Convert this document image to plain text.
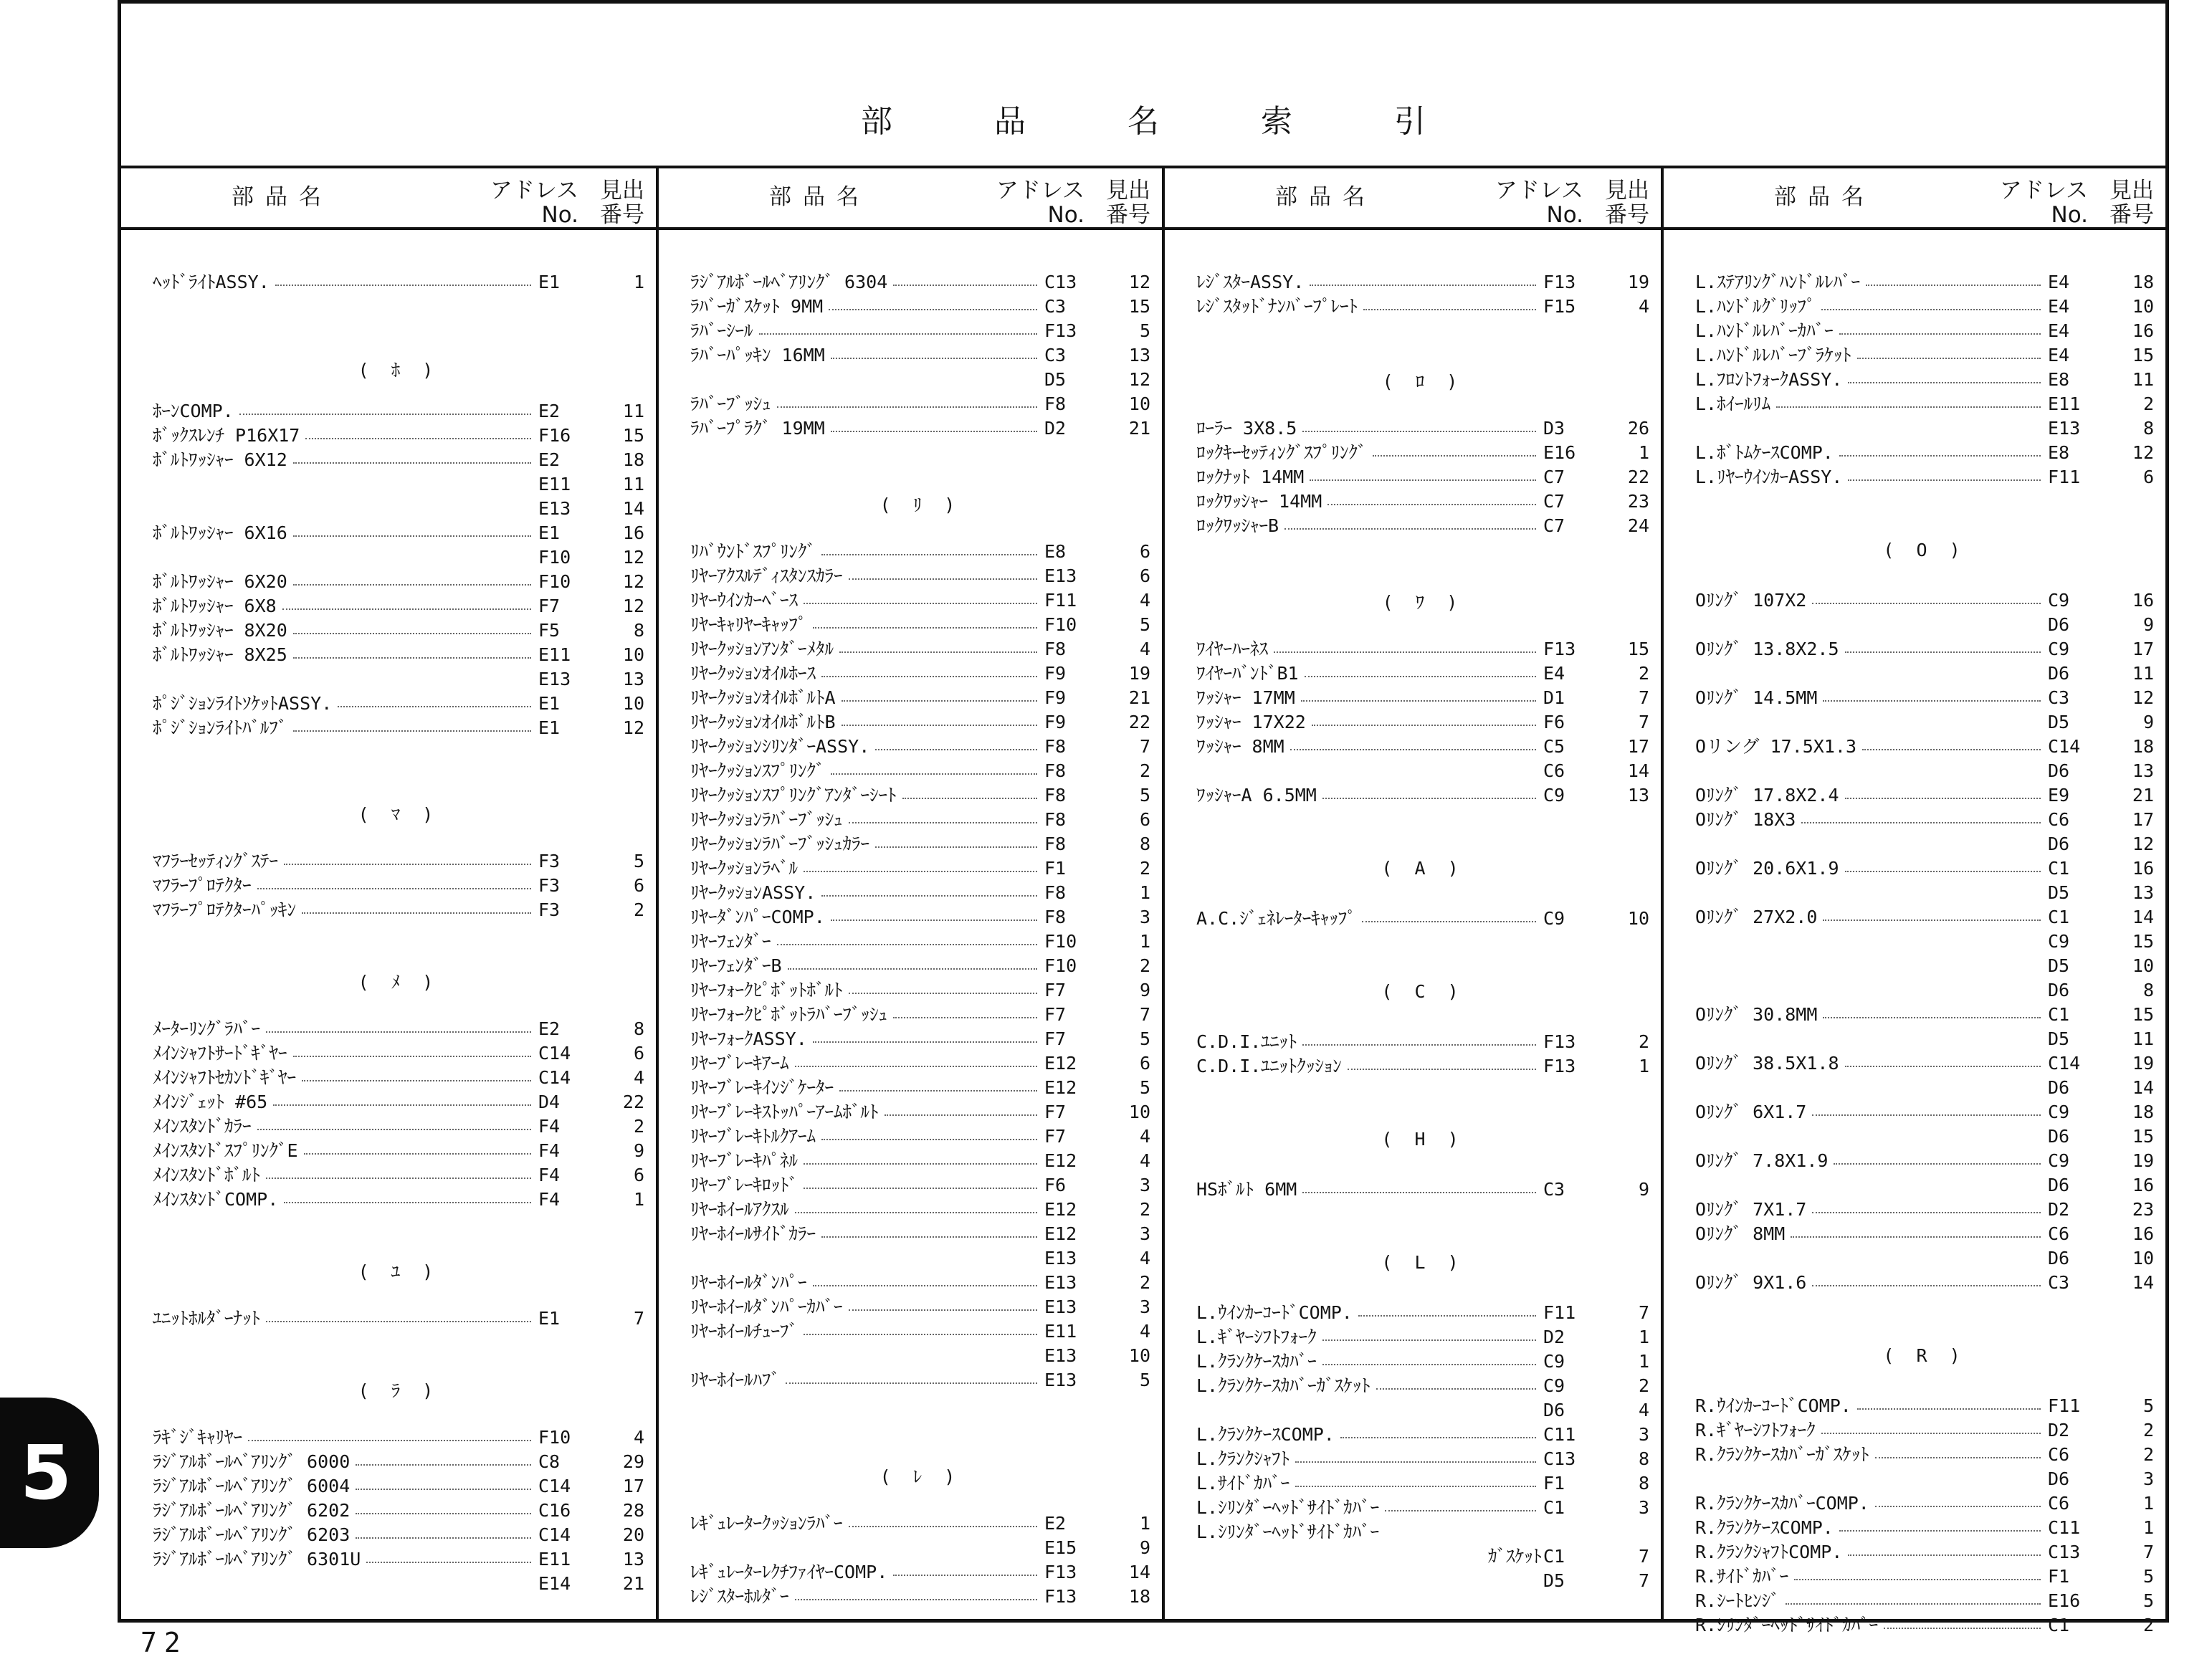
部 品 名 索 引
部品名	アドレス
No.
見出
番号
ﾍｯﾄﾞﾗｲﾄASSY.	E1	1
( ﾎ )
ﾎｰﾝCOMP.	E2	11
ﾎﾞｯｸｽﾚﾝﾁ P16X17	F16	15
ﾎﾞﾙﾄﾜｯｼｬｰ 6X12	E2	18
E11	11
E13	14
ﾎﾞﾙﾄﾜｯｼｬｰ 6X16	E1	16
F10	12
ﾎﾞﾙﾄﾜｯｼｬｰ 6X20	F10	12
ﾎﾞﾙﾄﾜｯｼｬｰ 6X8	F7	12
ﾎﾞﾙﾄﾜｯｼｬｰ 8X20	F5	8
ﾎﾞﾙﾄﾜｯｼｬｰ 8X25	E11	10
E13	13
ﾎﾟｼﾞｼｮﾝﾗｲﾄｿｹｯﾄASSY.	E1	10
ﾎﾟｼﾞｼｮﾝﾗｲﾄﾊﾞﾙﾌﾞ	E1	12
( ﾏ )
ﾏﾌﾗｰｾｯﾃｨﾝｸﾞｽﾃｰ	F3	5
ﾏﾌﾗｰﾌﾟﾛﾃｸﾀｰ	F3	6
ﾏﾌﾗｰﾌﾟﾛﾃｸﾀｰﾊﾟｯｷﾝ	F3	2
( ﾒ )
ﾒｰﾀｰﾘﾝｸﾞﾗﾊﾞｰ	E2	8
ﾒｲﾝｼｬﾌﾄｻｰﾄﾞｷﾞﾔｰ	C14	6
ﾒｲﾝｼｬﾌﾄｾｶﾝﾄﾞｷﾞﾔｰ	C14	4
ﾒｲﾝｼﾞｪｯﾄ #65	D4	22
ﾒｲﾝｽﾀﾝﾄﾞｶﾗｰ	F4	2
ﾒｲﾝｽﾀﾝﾄﾞｽﾌﾟﾘﾝｸﾞE	F4	9
ﾒｲﾝｽﾀﾝﾄﾞﾎﾞﾙﾄ	F4	6
ﾒｲﾝｽﾀﾝﾄﾞCOMP.	F4	1
( ﾕ )
ﾕﾆｯﾄﾎﾙﾀﾞｰﾅｯﾄ	E1	7
( ﾗ )
ﾗｷﾞｼﾞｷｬﾘﾔｰ	F10	4
ﾗｼﾞｱﾙﾎﾞｰﾙﾍﾞｱﾘﾝｸﾞ 6000	C8	29
ﾗｼﾞｱﾙﾎﾞｰﾙﾍﾞｱﾘﾝｸﾞ 6004	C14	17
ﾗｼﾞｱﾙﾎﾞｰﾙﾍﾞｱﾘﾝｸﾞ 6202	C16	28
ﾗｼﾞｱﾙﾎﾞｰﾙﾍﾞｱﾘﾝｸﾞ 6203	C14	20
ﾗｼﾞｱﾙﾎﾞｰﾙﾍﾞｱﾘﾝｸﾞ 6301U	E11	13
E14	21
部品名	アドレス
No.
見出
番号
ﾗｼﾞｱﾙﾎﾞｰﾙﾍﾞｱﾘﾝｸﾞ 6304	C13	12
ﾗﾊﾞｰｶﾞｽｹｯﾄ 9MM	C3	15
ﾗﾊﾞｰｼｰﾙ	F13	5
ﾗﾊﾞｰﾊﾟｯｷﾝ 16MM	C3	13
D5	12
ﾗﾊﾞｰﾌﾞｯｼｭ	F8	10
ﾗﾊﾞｰﾌﾟﾗｸﾞ 19MM	D2	21
( ﾘ )
ﾘﾊﾞｳﾝﾄﾞｽﾌﾟﾘﾝｸﾞ	E8	6
ﾘﾔｰｱｸｽﾙﾃﾞｨｽﾀﾝｽｶﾗｰ	E13	6
ﾘﾔｰｳｲﾝｶｰﾍﾞｰｽ	F11	4
ﾘﾔｰｷｬﾘﾔｰｷｬｯﾌﾟ	F10	5
ﾘﾔｰｸｯｼｮﾝｱﾝﾀﾞｰﾒﾀﾙ	F8	4
ﾘﾔｰｸｯｼｮﾝｵｲﾙﾎｰｽ	F9	19
ﾘﾔｰｸｯｼｮﾝｵｲﾙﾎﾞﾙﾄA	F9	21
ﾘﾔｰｸｯｼｮﾝｵｲﾙﾎﾞﾙﾄB	F9	22
ﾘﾔｰｸｯｼｮﾝｼﾘﾝﾀﾞｰASSY.	F8	7
ﾘﾔｰｸｯｼｮﾝｽﾌﾟﾘﾝｸﾞ	F8	2
ﾘﾔｰｸｯｼｮﾝｽﾌﾟﾘﾝｸﾞｱﾝﾀﾞｰｼｰﾄ	F8	5
ﾘﾔｰｸｯｼｮﾝﾗﾊﾞｰﾌﾞｯｼｭ	F8	6
ﾘﾔｰｸｯｼｮﾝﾗﾊﾞｰﾌﾞｯｼｭｶﾗｰ	F8	8
ﾘﾔｰｸｯｼｮﾝﾗﾍﾞﾙ	F1	2
ﾘﾔｰｸｯｼｮﾝASSY.	F8	1
ﾘﾔｰﾀﾞﾝﾊﾟｰCOMP.	F8	3
ﾘﾔｰﾌｪﾝﾀﾞｰ	F10	1
ﾘﾔｰﾌｪﾝﾀﾞｰB	F10	2
ﾘﾔｰﾌｫｰｸﾋﾟﾎﾞｯﾄﾎﾞﾙﾄ	F7	9
ﾘﾔｰﾌｫｰｸﾋﾟﾎﾞｯﾄﾗﾊﾞｰﾌﾞｯｼｭ	F7	7
ﾘﾔｰﾌｫｰｸASSY.	F7	5
ﾘﾔｰﾌﾞﾚｰｷｱｰﾑ	E12	6
ﾘﾔｰﾌﾞﾚｰｷｲﾝｼﾞｹｰﾀｰ	E12	5
ﾘﾔｰﾌﾞﾚｰｷｽﾄｯﾊﾟｰｱｰﾑﾎﾞﾙﾄ	F7	10
ﾘﾔｰﾌﾞﾚｰｷﾄﾙｸｱｰﾑ	F7	4
ﾘﾔｰﾌﾞﾚｰｷﾊﾟﾈﾙ	E12	4
ﾘﾔｰﾌﾞﾚｰｷﾛｯﾄﾞ	F6	3
ﾘﾔｰﾎｲｰﾙｱｸｽﾙ	E12	2
ﾘﾔｰﾎｲｰﾙｻｲﾄﾞｶﾗｰ	E12	3
E13	4
ﾘﾔｰﾎｲｰﾙﾀﾞﾝﾊﾟｰ	E13	2
ﾘﾔｰﾎｲｰﾙﾀﾞﾝﾊﾟｰｶﾊﾞｰ	E13	3
ﾘﾔｰﾎｲｰﾙﾁｭｰﾌﾞ	E11	4
E13	10
ﾘﾔｰﾎｲｰﾙﾊﾌﾞ	E13	5
( ﾚ )
ﾚｷﾞｭﾚｰﾀｰｸｯｼｮﾝﾗﾊﾞｰ	E2	1
E15	9
ﾚｷﾞｭﾚｰﾀｰﾚｸﾁﾌｧｲﾔｰCOMP.	F13	14
ﾚｼﾞｽﾀｰﾎﾙﾀﾞｰ	F13	18
部品名	アドレス
No.
見出
番号
ﾚｼﾞｽﾀｰASSY.	F13	19
ﾚｼﾞｽﾀｯﾄﾞﾅﾝﾊﾞｰﾌﾟﾚｰﾄ	F15	4
( ﾛ )
ﾛｰﾗｰ 3X8.5	D3	26
ﾛｯｸｷｰｾｯﾃｨﾝｸﾞｽﾌﾟﾘﾝｸﾞ	E16	1
ﾛｯｸﾅｯﾄ 14MM	C7	22
ﾛｯｸﾜｯｼｬｰ 14MM	C7	23
ﾛｯｸﾜｯｼｬｰB	C7	24
( ﾜ )
ﾜｲﾔｰﾊｰﾈｽ	F13	15
ﾜｲﾔｰﾊﾞﾝﾄﾞB1	E4	2
ﾜｯｼｬｰ 17MM	D1	7
ﾜｯｼｬｰ 17X22	F6	7
ﾜｯｼｬｰ 8MM	C5	17
C6	14
ﾜｯｼｬｰA 6.5MM	C9	13
( A )
A.C.ｼﾞｪﾈﾚｰﾀｰｷｬｯﾌﾟ	C9	10
( C )
C.D.I.ﾕﾆｯﾄ	F13	2
C.D.I.ﾕﾆｯﾄｸｯｼｮﾝ	F13	1
( H )
HSﾎﾞﾙﾄ 6MM	C3	9
( L )
L.ｳｲﾝｶｰｺｰﾄﾞCOMP.	F11	7
L.ｷﾞﾔｰｼﾌﾄﾌｫｰｸ	D2	1
L.ｸﾗﾝｸｹｰｽｶﾊﾞｰ	C9	1
L.ｸﾗﾝｸｹｰｽｶﾊﾞｰｶﾞｽｹｯﾄ	C9	2
D6	4
L.ｸﾗﾝｸｹｰｽCOMP.	C11	3
L.ｸﾗﾝｸｼｬﾌﾄ	C13	8
L.ｻｲﾄﾞｶﾊﾞｰ	F1	8
L.ｼﾘﾝﾀﾞｰﾍｯﾄﾞｻｲﾄﾞｶﾊﾞｰ	C1	3
L.ｼﾘﾝﾀﾞｰﾍｯﾄﾞｻｲﾄﾞｶﾊﾞｰ
ｶﾞｽｹｯﾄ C1	7
D5	7
部品名	アドレス
No.
見出
番号
L.ｽﾃｱﾘﾝｸﾞﾊﾝﾄﾞﾙﾚﾊﾞｰ	E4	18
L.ﾊﾝﾄﾞﾙｸﾞﾘｯﾌﾟ	E4	10
L.ﾊﾝﾄﾞﾙﾚﾊﾞｰｶﾊﾞｰ	E4	16
L.ﾊﾝﾄﾞﾙﾚﾊﾞｰﾌﾞﾗｹｯﾄ	E4	15
L.ﾌﾛﾝﾄﾌｫｰｸASSY.	E8	11
L.ﾎｲｰﾙﾘﾑ	E11	2
E13	8
L.ﾎﾞﾄﾑｹｰｽCOMP.	E8	12
L.ﾘﾔｰｳｲﾝｶｰASSY.	F11	6
( O )
Oﾘﾝｸﾞ 107X2	C9	16
D6	9
Oﾘﾝｸﾞ 13.8X2.5	C9	17
D6	11
Oﾘﾝｸﾞ 14.5MM	C3	12
D5	9
Oリング 17.5X1.3	C14	18
D6	13
Oﾘﾝｸﾞ 17.8X2.4	E9	21
Oﾘﾝｸﾞ 18X3	C6	17
D6	12
Oﾘﾝｸﾞ 20.6X1.9	C1	16
D5	13
Oﾘﾝｸﾞ 27X2.0	C1	14
C9	15
D5	10
D6	8
Oﾘﾝｸﾞ 30.8MM	C1	15
D5	11
Oﾘﾝｸﾞ 38.5X1.8	C14	19
D6	14
Oﾘﾝｸﾞ 6X1.7	C9	18
D6	15
Oﾘﾝｸﾞ 7.8X1.9	C9	19
D6	16
Oﾘﾝｸﾞ 7X1.7	D2	23
Oﾘﾝｸﾞ 8MM	C6	16
D6	10
Oﾘﾝｸﾞ 9X1.6	C3	14
( R )
R.ｳｲﾝｶｰｺｰﾄﾞCOMP.	F11	5
R.ｷﾞﾔｰｼﾌﾄﾌｫｰｸ	D2	2
R.ｸﾗﾝｸｹｰｽｶﾊﾞｰｶﾞｽｹｯﾄ	C6	2
D6	3
R.ｸﾗﾝｸｹｰｽｶﾊﾞｰCOMP.	C6	1
R.ｸﾗﾝｸｹｰｽCOMP.	C11	1
R.ｸﾗﾝｸｼｬﾌﾄCOMP.	C13	7
R.ｻｲﾄﾞｶﾊﾞｰ	F1	5
R.ｼｰﾄﾋﾝｼﾞ	E16	5
R.ｼﾘﾝﾀﾞｰﾍｯﾄﾞｻｲﾄﾞｶﾊﾞｰ	C1	2
5
72
